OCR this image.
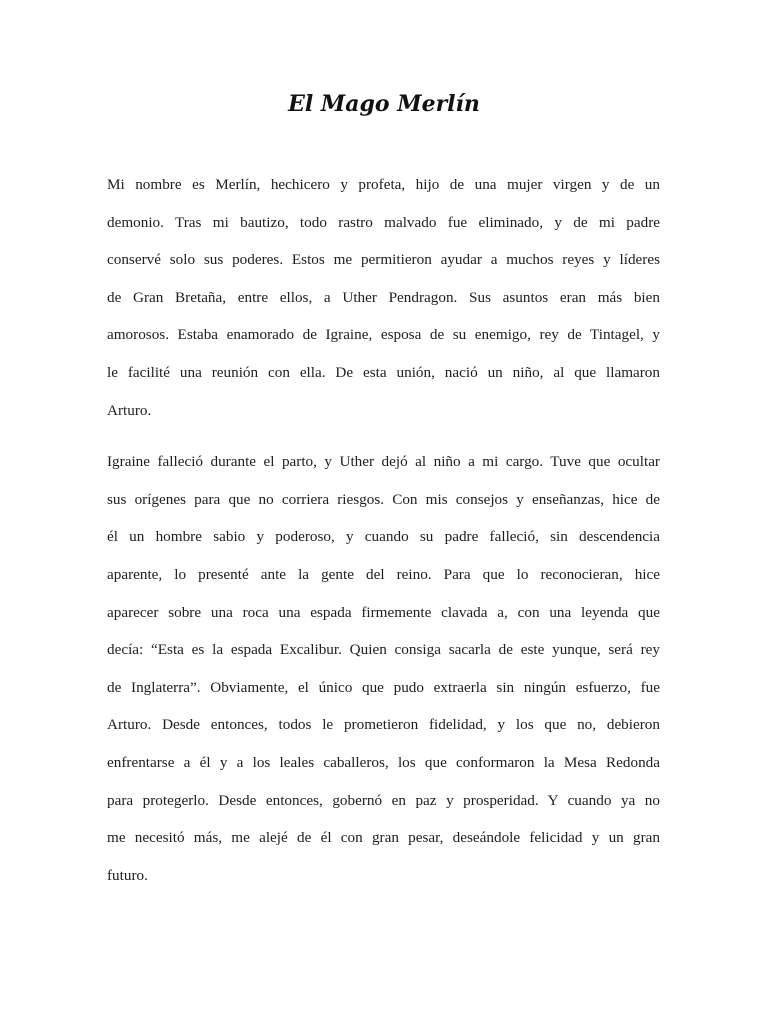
El Mago Merlín

Mi nombre es Merlín, hechicero y profeta, hijo de una mujer virgen y de un
demonio. Tras mi bautizo, todo rastro malvado fue eliminado, y de mi padre
conservé solo sus poderes. Estos me permitieron ayudar a muchos reyes y líderes
de Gran Bretaña, entre ellos, a Uther Pendragon. Sus asuntos eran más bien
amorosos. Estaba enamorado de Igraine, esposa de su enemigo, rey de Tintagel, y
le facilité una reunión con ella. De esta unión, nació un niño, al que llamaron
Arturo.

Igraine falleció durante el parto, y Uther dejó al niño a mi cargo. Tuve que ocultar
sus orígenes para que no corriera riesgos. Con mis consejos y enseñanzas, hice de
él un hombre sabio y poderoso, y cuando su padre falleció, sin descendencia
aparente, lo presenté ante la gente del reino. Para que lo reconocieran, hice
aparecer sobre una roca una espada firmemente clavada a, con una leyenda que
decía: “Esta es la espada Excalibur. Quien consiga sacarla de este yunque, será rey
de Inglaterra”. Obviamente, el único que pudo extraerla sin ningún esfuerzo, fue
Arturo. Desde entonces, todos le prometieron fidelidad, y los que no, debieron
enfrentarse a él y a los leales caballeros, los que conformaron la Mesa Redonda
para protegerlo. Desde entonces, gobernó en paz y prosperidad. Y cuando ya no
me necesitó más, me alejé de él con gran pesar, deseándole felicidad y un gran
futuro.
